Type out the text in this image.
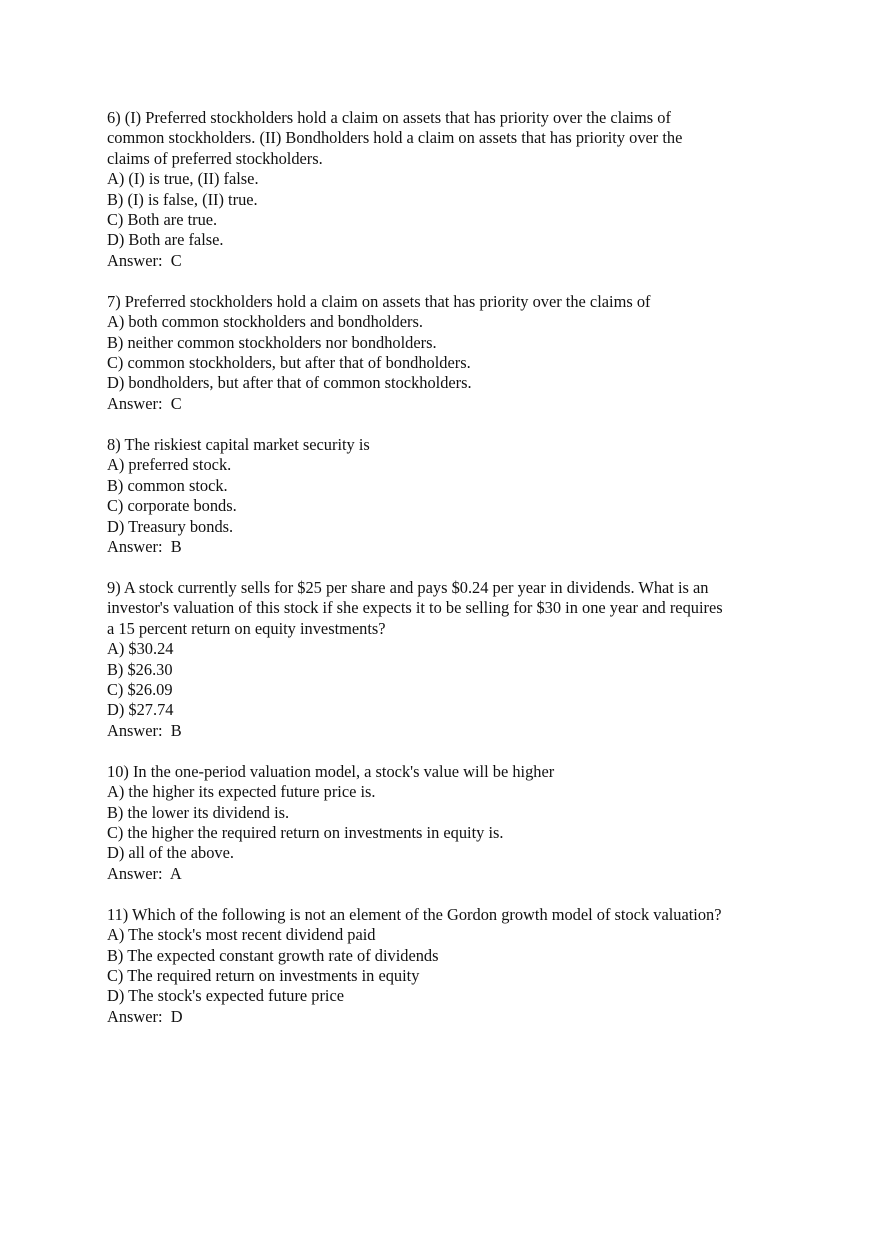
6) (I) Preferred stockholders hold a claim on assets that has priority over the claims of
common stockholders. (II) Bondholders hold a claim on assets that has priority over the
claims of preferred stockholders.

A) (I) is true, (II) false.
B) (I) is false, (II) true.
C) Both are true.
D) Both are false.

Answer:  C

7) Preferred stockholders hold a claim on assets that has priority over the claims of

A) both common stockholders and bondholders.
B) neither common stockholders nor bondholders.
C) common stockholders, but after that of bondholders.
D) bondholders, but after that of common stockholders.

Answer:  C

8) The riskiest capital market security is

A) preferred stock.
B) common stock.
C) corporate bonds.
D) Treasury bonds.

Answer:  B

9) A stock currently sells for $25 per share and pays $0.24 per year in dividends. What is an
investor's valuation of this stock if she expects it to be selling for $30 in one year and requires
a 15 percent return on equity investments?

A) $30.24
B) $26.30
C) $26.09
D) $27.74

Answer:  B

10) In the one-period valuation model, a stock's value will be higher

A) the higher its expected future price is.
B) the lower its dividend is.
C) the higher the required return on investments in equity is.
D) all of the above.

Answer:  A

11) Which of the following is not an element of the Gordon growth model of stock valuation?

A) The stock's most recent dividend paid
B) The expected constant growth rate of dividends
C) The required return on investments in equity
D) The stock's expected future price

Answer:  D
